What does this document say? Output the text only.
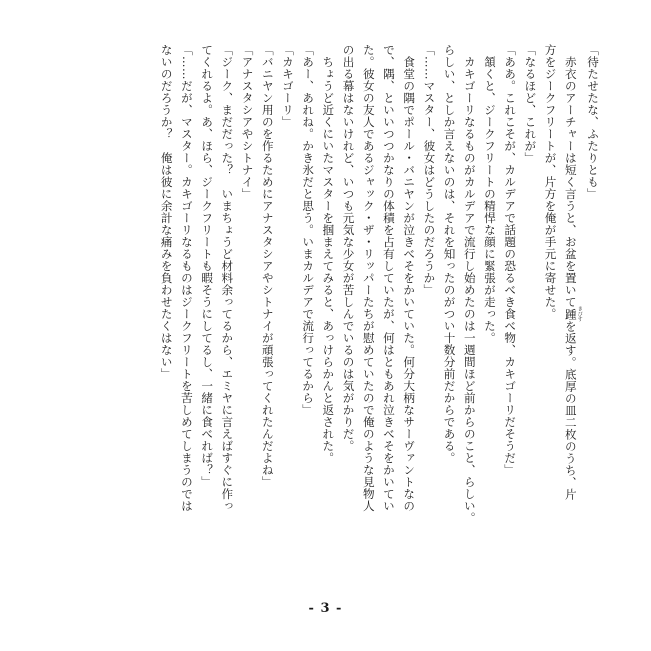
「待たせたな、ふたりとも」
赤衣のアーチャーは短く言うと、お盆を置いて踵 きびすを返す。底厚の皿二枚のうち、片
方をジークフリートが、片方を俺が手元に寄せた。
「なるほど、これが」
「ああ。これこそが、カルデアで話題の恐るべき食べ物、カキゴーリだそうだ」
頷くと、ジークフリートの精悍な顔に緊張が走った。
カキゴーリなるものがカルデアで流行し始めたのは一週間ほど前からのこと、らしい。
らしい、としか言えないのは、それを知ったのがつい十数分前だからである。
「……マスター、彼女はどうしたのだろうか」
食堂の隅でポール・バニヤンが泣きべそをかいていた。何分大柄なサーヴァントなの
で、隅、といいつつかなりの体積を占有していたが、何はともあれ泣きべそをかいてい
た。彼女の友人であるジャック・ザ・リッパーたちが慰めていたので俺のような見物人
の出る幕はないけれど、いつも元気な少女が苦しんでいるのは気がかりだ。
ちょうど近くにいたマスターを掴まえてみると、あっけらかんと返された。
「あー、あれね。かき氷だと思う。いまカルデアで流行ってるから」
「カキゴーリ」
「バニヤン用のを作るためにアナスタシアやシトナイが頑張ってくれたんだよね」
「アナスタシアやシトナイ」
「ジーク、まだだった？　いまちょうど材料余ってるから、エミヤに言えばすぐに作っ
てくれるよ。あ、ほら、ジークフリートも暇そうにしてるし、一緒に食べれば？」
「……だが、マスター。カキゴーリなるものはジークフリートを苦しめてしまうのでは
ないのだろうか？　俺は彼に余計な痛みを負わせたくはない」
- 3 -
